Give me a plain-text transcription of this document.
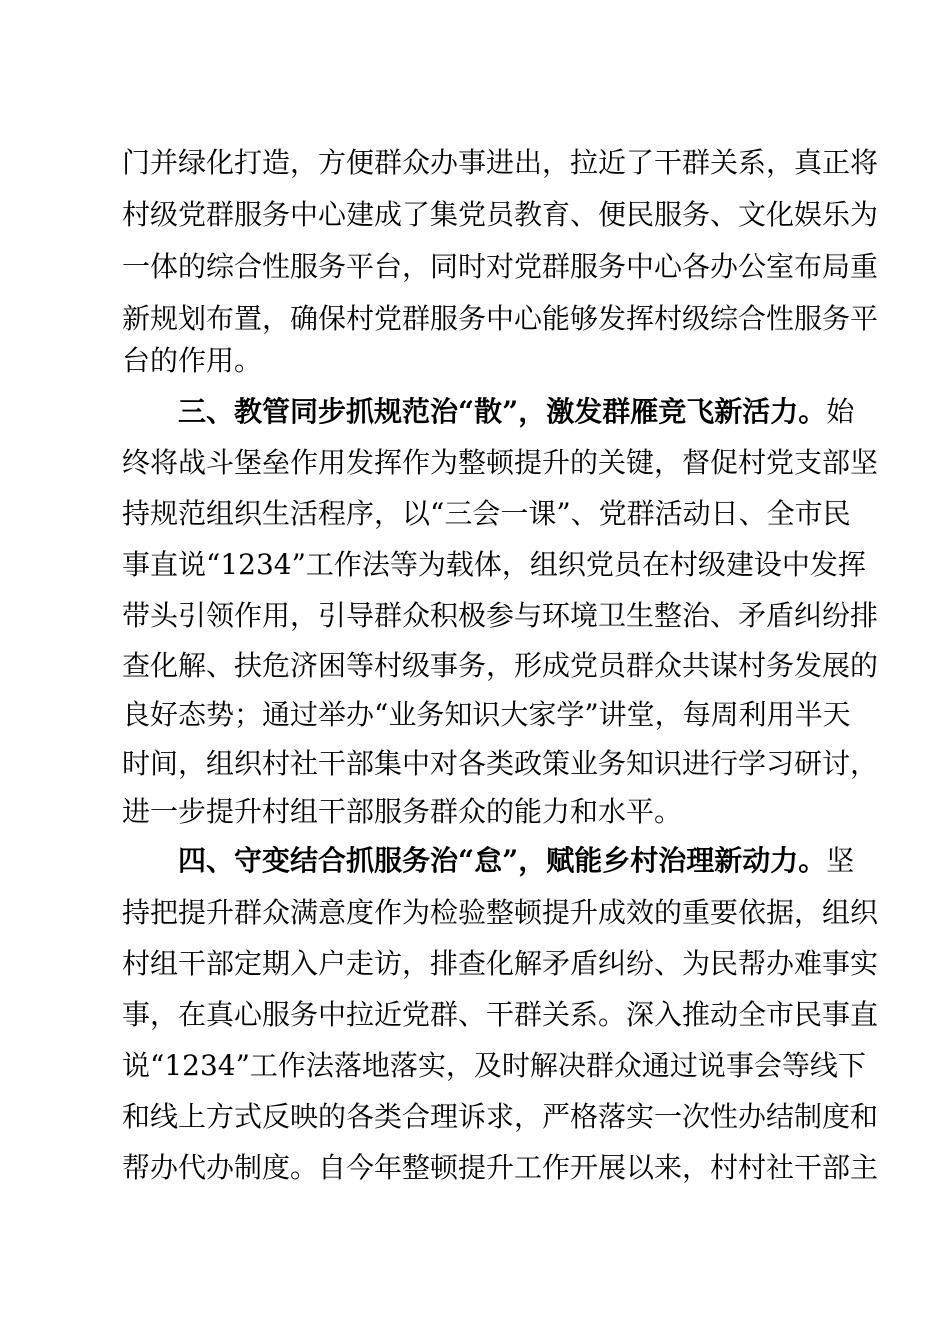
门并绿化打造，方便群众办事进出，拉近了干群关系，真正将
村级党群服务中心建成了集党员教育、便民服务、文化娱乐为
一体的综合性服务平台，同时对党群服务中心各办公室布局重
新规划布置，确保村党群服务中心能够发挥村级综合性服务平
台的作用。
三、教管同步抓规范治“散”，激发群雁竞飞新活力。始
终将战斗堡垒作用发挥作为整顿提升的关键，督促村党支部坚
持规范组织生活程序，以“三会一课”、党群活动日、全市民
事直说“1234”工作法等为载体，组织党员在村级建设中发挥
带头引领作用，引导群众积极参与环境卫生整治、矛盾纠纷排
查化解、扶危济困等村级事务，形成党员群众共谋村务发展的
良好态势；通过举办“业务知识大家学”讲堂，每周利用半天
时间，组织村社干部集中对各类政策业务知识进行学习研讨，
进一步提升村组干部服务群众的能力和水平。
四、守变结合抓服务治“怠”，赋能乡村治理新动力。坚
持把提升群众满意度作为检验整顿提升成效的重要依据，组织
村组干部定期入户走访，排查化解矛盾纠纷、为民帮办难事实
事，在真心服务中拉近党群、干群关系。深入推动全市民事直
说“1234”工作法落地落实，及时解决群众通过说事会等线下
和线上方式反映的各类合理诉求，严格落实一次性办结制度和
帮办代办制度。自今年整顿提升工作开展以来，村村社干部主
